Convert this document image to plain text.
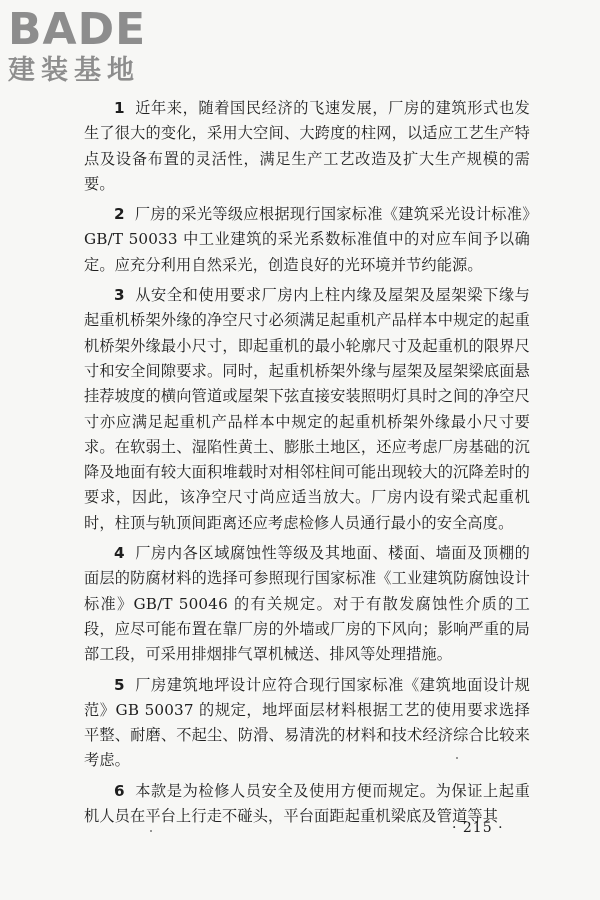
BADE
建装基地

1 近年来，随着国民经济的飞速发展，厂房的建筑形式也发生了很大的变化，采用大空间、大跨度的柱网，以适应工艺生产特点及设备布置的灵活性，满足生产工艺改造及扩大生产规模的需要。

2 厂房的采光等级应根据现行国家标准《建筑采光设计标准》GB/T 50033 中工业建筑的采光系数标准值中的对应车间予以确定。应充分利用自然采光，创造良好的光环境并节约能源。

3 从安全和使用要求厂房内上柱内缘及屋架及屋架梁下缘与起重机桥架外缘的净空尺寸必须满足起重机产品样本中规定的起重机桥架外缘最小尺寸，即起重机的最小轮廓尺寸及起重机的限界尺寸和安全间隙要求。同时，起重机桥架外缘与屋架及屋架梁底面悬挂荐坡度的横向管道或屋架下弦直接安装照明灯具时之间的净空尺寸亦应满足起重机产品样本中规定的起重机桥架外缘最小尺寸要求。在软弱土、湿陷性黄土、膨胀土地区，还应考虑厂房基础的沉降及地面有较大面积堆载时对相邻柱间可能出现较大的沉降差时的要求，因此，该净空尺寸尚应适当放大。厂房内设有梁式起重机时，柱顶与轨顶间距离还应考虑检修人员通行最小的安全高度。

4 厂房内各区域腐蚀性等级及其地面、楼面、墙面及顶棚的面层的防腐材料的选择可参照现行国家标准《工业建筑防腐蚀设计标准》GB/T 50046 的有关规定。对于有散发腐蚀性介质的工段，应尽可能布置在靠厂房的外墙或厂房的下风向；影响严重的局部工段，可采用排烟排气罩机械送、排风等处理措施。

5 厂房建筑地坪设计应符合现行国家标准《建筑地面设计规范》GB 50037 的规定，地坪面层材料根据工艺的使用要求选择平整、耐磨、不起尘、防滑、易清洗的材料和技术经济综合比较来考虑。

6 本款是为检修人员安全及使用方便而规定。为保证上起重机人员在平台上行走不碰头，平台面距起重机梁底及管道等其

· 215 ·
